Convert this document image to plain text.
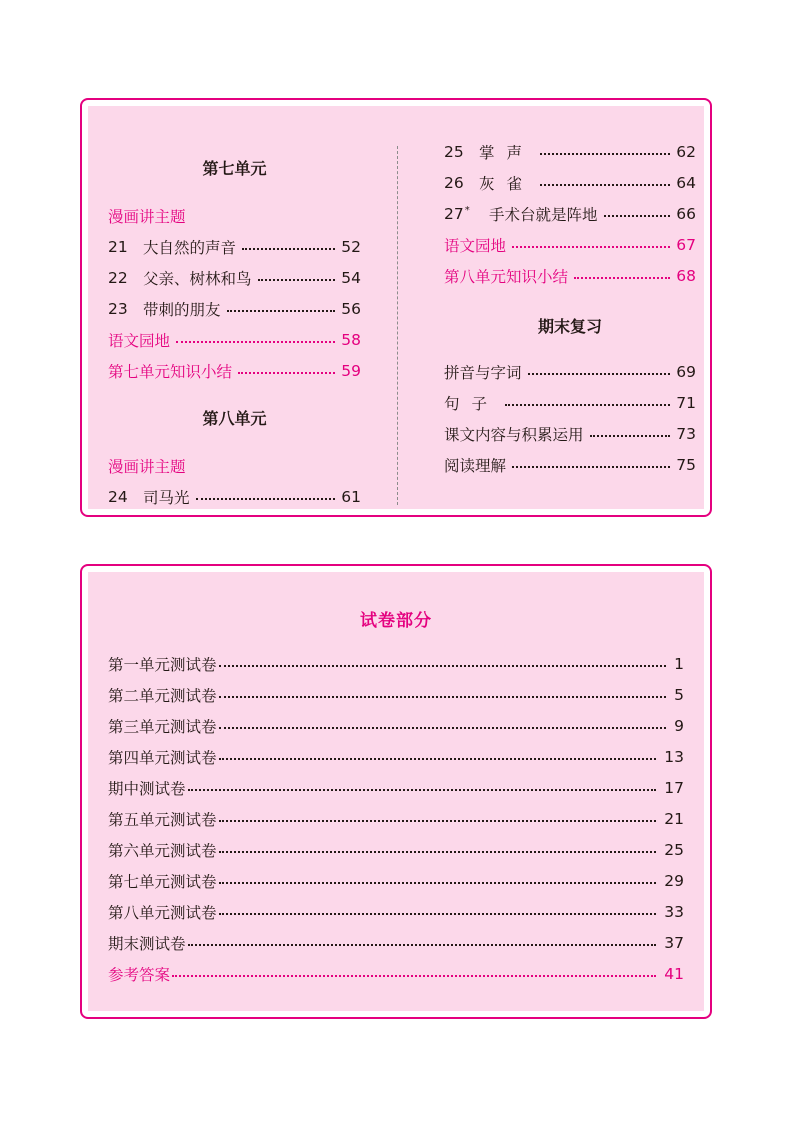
第七单元
漫画讲主题
21 大自然的声音	52
22 父亲、树林和鸟	54
23 带刺的朋友	56
语文园地	58
第七单元知识小结	59
第八单元
漫画讲主题
24 司马光	61
25 掌声	62
26 灰雀	64
27*	手术台就是阵地	66
语文园地	67
第八单元知识小结	68
期末复习
拼音与字词	69
句子	71
课文内容与积累运用	73
阅读理解	75
试卷部分
第一单元测试卷	1
第二单元测试卷	5
第三单元测试卷	9
第四单元测试卷	13
期中测试卷	17
第五单元测试卷	21
第六单元测试卷	25
第七单元测试卷	29
第八单元测试卷	33
期末测试卷	37
参考答案	41
